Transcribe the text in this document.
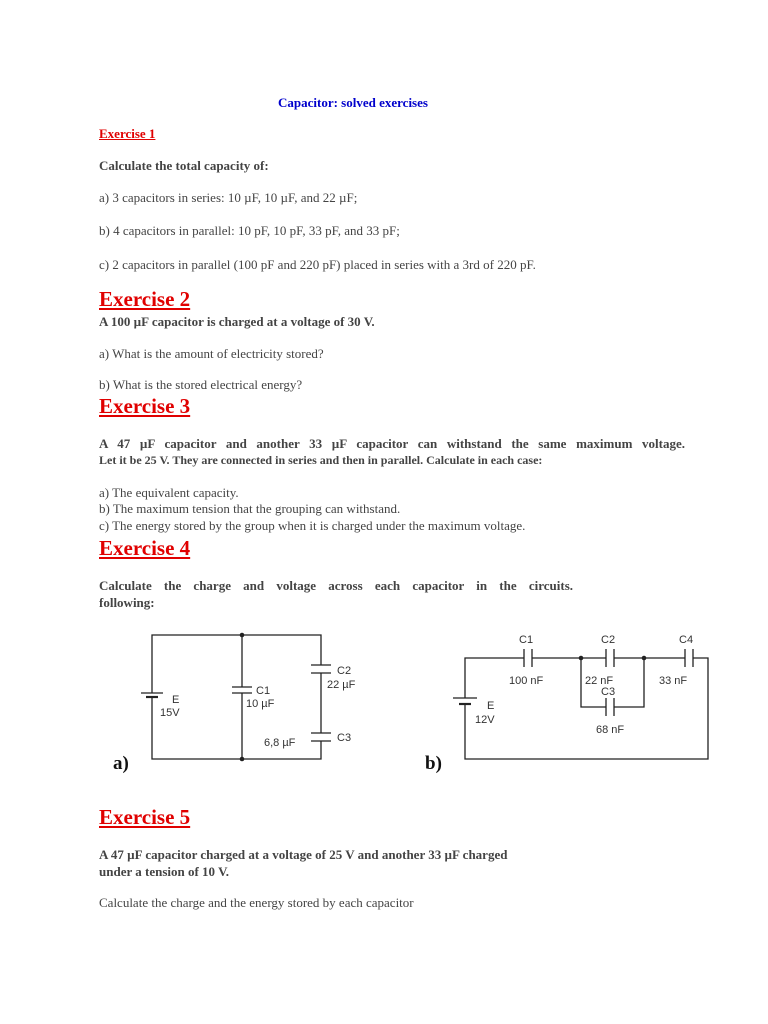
Capacitor: solved exercises
Exercise 1
Calculate the total capacity of:
a) 3 capacitors in series: 10 µF, 10 µF, and 22 µF;
b) 4 capacitors in parallel: 10 pF, 10 pF, 33 pF, and 33 pF;
c) 2 capacitors in parallel (100 pF and 220 pF) placed in series with a 3rd of 220 pF.
Exercise 2
A 100 µF capacitor is charged at a voltage of 30 V.
a) What is the amount of electricity stored?
b) What is the stored electrical energy?
Exercise 3
A 47 µF capacitor and another 33 µF capacitor can withstand the same maximum voltage.
Let it be 25 V. They are connected in series and then in parallel. Calculate in each case:
a) The equivalent capacity.
b) The maximum tension that the grouping can withstand.
c) The energy stored by the group when it is charged under the maximum voltage.
Exercise 4
Calculate the charge and voltage across each capacitor in the circuits.
following:
E
15V
C1
10 µF
C2
22 µF
C3
6,8 µF
a)
C1
100 nF
C2
22 nF
C3
68 nF
C4
33 nF
E
12V
b)
Exercise 5
A 47 µF capacitor charged at a voltage of 25 V and another 33 µF charged
under a tension of 10 V.
Calculate the charge and the energy stored by each capacitor
